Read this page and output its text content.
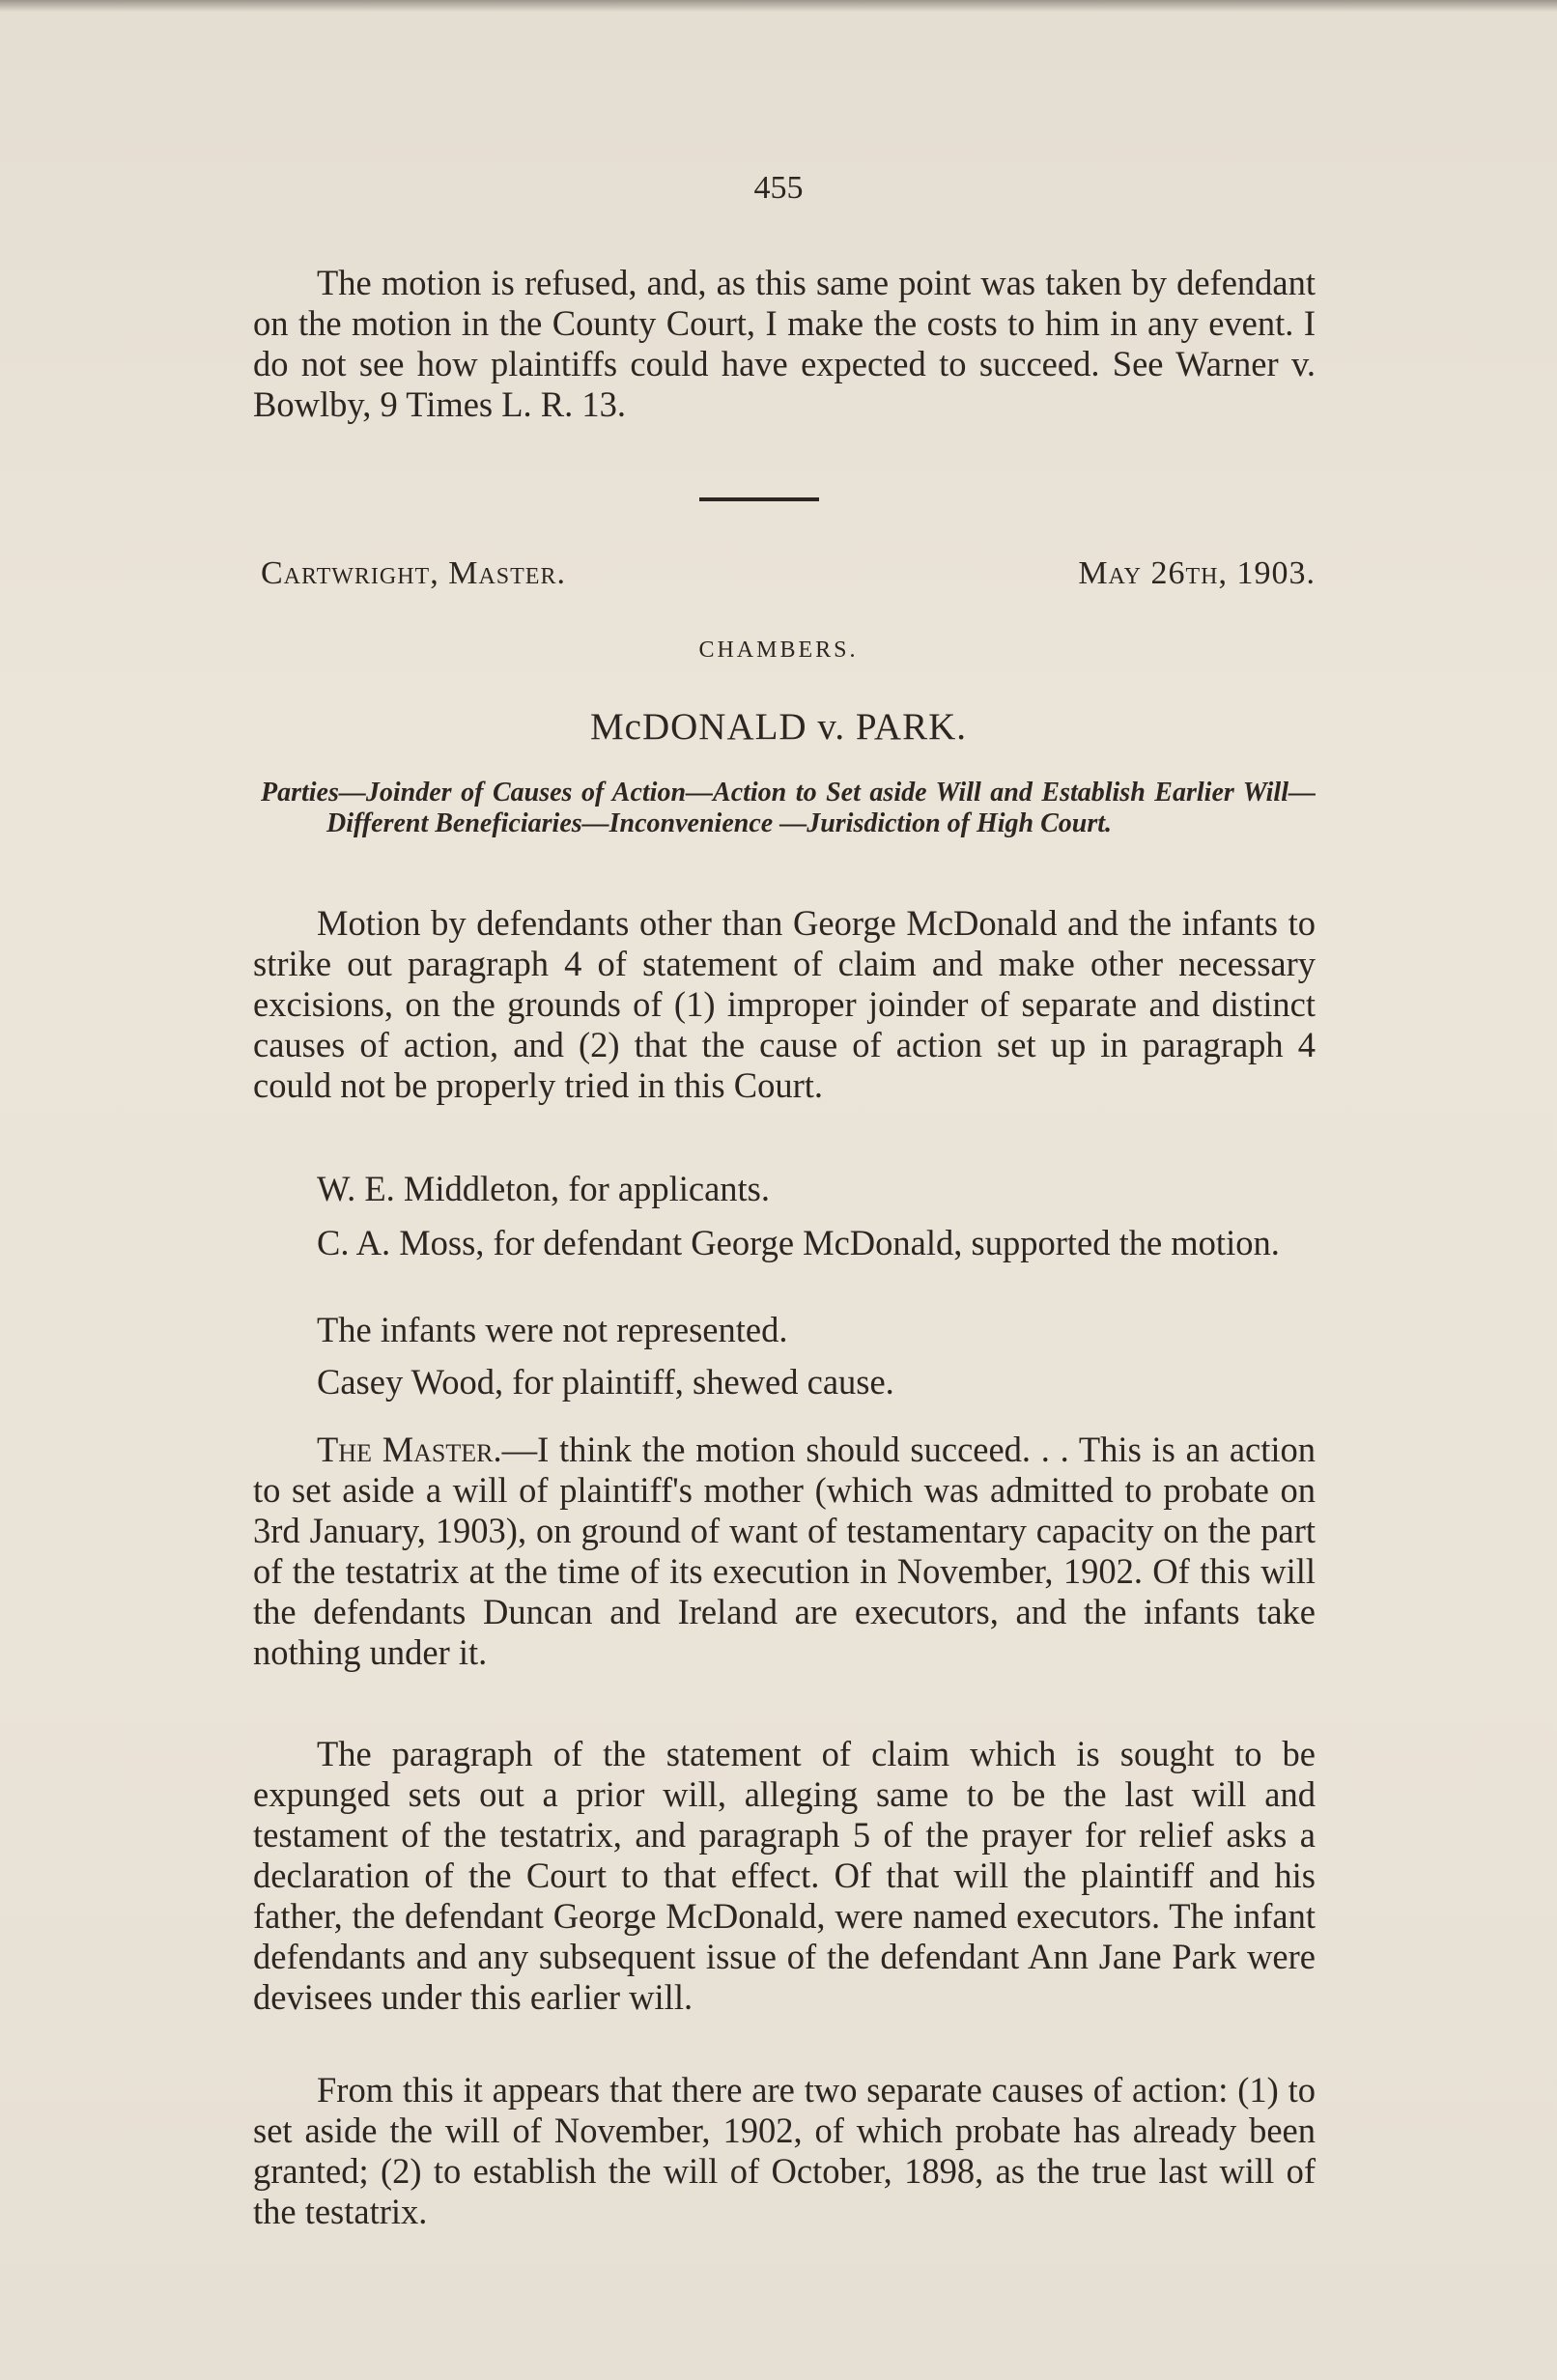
455

The motion is refused, and, as this same point was taken by defendant on the motion in the County Court, I make the costs to him in any event. I do not see how plaintiffs could have expected to succeed. See Warner v. Bowlby, 9 Times L. R. 13.

Cartwright, Master.	May 26th, 1903.
CHAMBERS.
McDONALD v. PARK.

Parties—Joinder of Causes of Action—Action to Set aside Will and Establish Earlier Will—Different Beneficiaries—Inconvenience —Jurisdiction of High Court.

Motion by defendants other than George McDonald and the infants to strike out paragraph 4 of statement of claim and make other necessary excisions, on the grounds of (1) improper joinder of separate and distinct causes of action, and (2) that the cause of action set up in paragraph 4 could not be properly tried in this Court.

W. E. Middleton, for applicants.

C. A. Moss, for defendant George McDonald, supported the motion.

The infants were not represented.

Casey Wood, for plaintiff, shewed cause.

The Master.—I think the motion should succeed. . . This is an action to set aside a will of plaintiff's mother (which was admitted to probate on 3rd January, 1903), on ground of want of testamentary capacity on the part of the testatrix at the time of its execution in November, 1902. Of this will the defendants Duncan and Ireland are executors, and the infants take nothing under it.

The paragraph of the statement of claim which is sought to be expunged sets out a prior will, alleging same to be the last will and testament of the testatrix, and paragraph 5 of the prayer for relief asks a declaration of the Court to that effect. Of that will the plaintiff and his father, the defendant George McDonald, were named executors. The infant defendants and any subsequent issue of the defendant Ann Jane Park were devisees under this earlier will.

From this it appears that there are two separate causes of action: (1) to set aside the will of November, 1902, of which probate has already been granted; (2) to establish the will of October, 1898, as the true last will of the testatrix.
